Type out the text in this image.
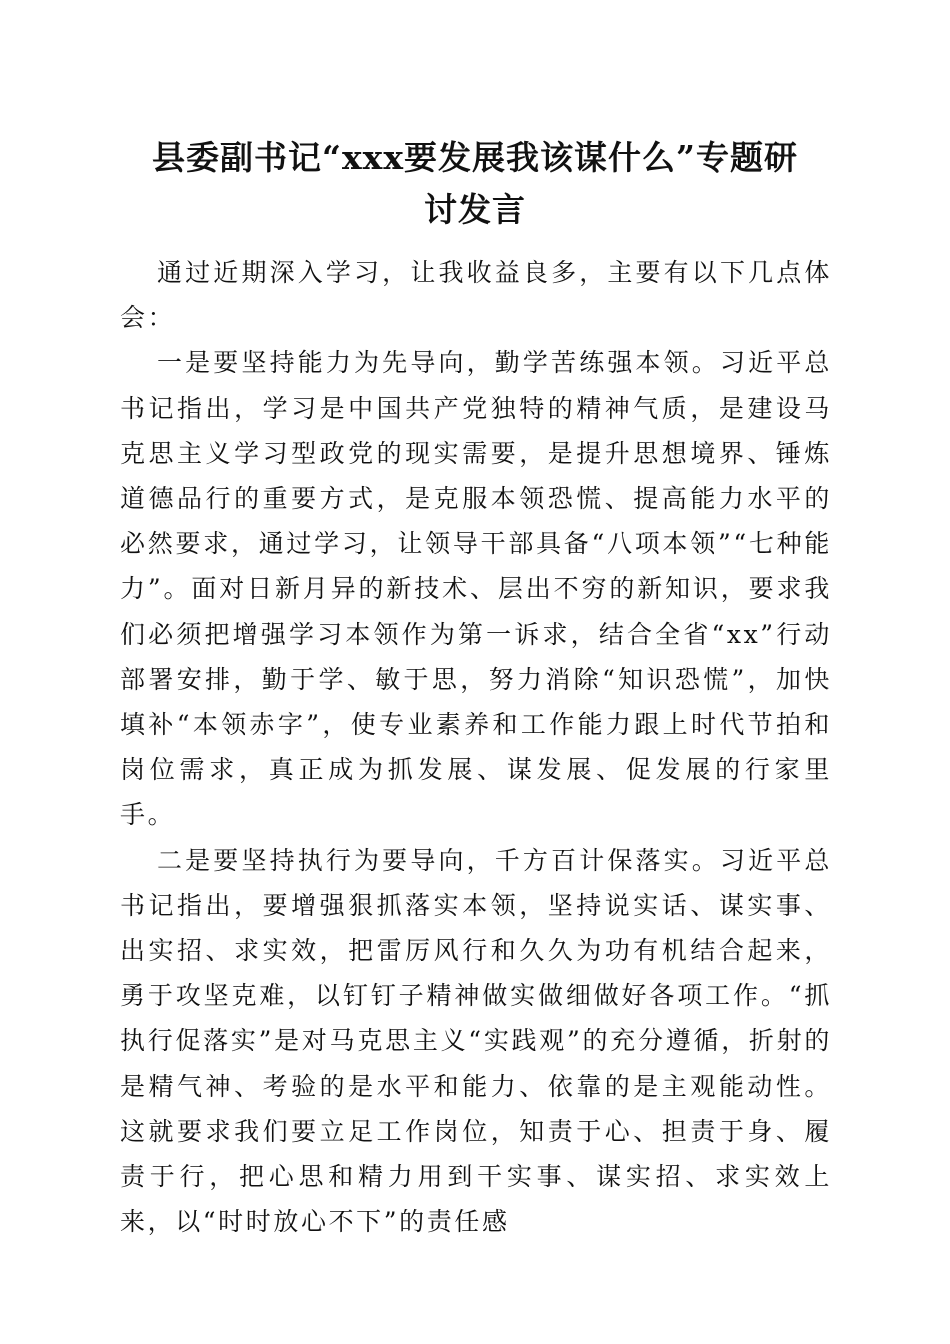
县委副书记“xxx要发展我该谋什么”专题研
讨发言

通过近期深入学习，让我收益良多，主要有以下几点体会：

一是要坚持能力为先导向，勤学苦练强本领。习近平总书记指出，学习是中国共产党独特的精神气质，是建设马克思主义学习型政党的现实需要，是提升思想境界、锤炼道德品行的重要方式，是克服本领恐慌、提高能力水平的必然要求，通过学习，让领导干部具备“八项本领”“七种能力”。面对日新月异的新技术、层出不穷的新知识，要求我们必须把增强学习本领作为第一诉求，结合全省“xx”行动部署安排，勤于学、敏于思，努力消除“知识恐慌”，加快填补“本领赤字”，使专业素养和工作能力跟上时代节拍和岗位需求，真正成为抓发展、谋发展、促发展的行家里手。

二是要坚持执行为要导向，千方百计保落实。习近平总书记指出，要增强狠抓落实本领，坚持说实话、谋实事、出实招、求实效，把雷厉风行和久久为功有机结合起来，勇于攻坚克难，以钉钉子精神做实做细做好各项工作。“抓执行促落实”是对马克思主义“实践观”的充分遵循，折射的是精气神、考验的是水平和能力、依靠的是主观能动性。这就要求我们要立足工作岗位，知责于心、担责于身、履责于行，把心思和精力用到干实事、谋实招、求实效上来，以“时时放心不下”的责任感
